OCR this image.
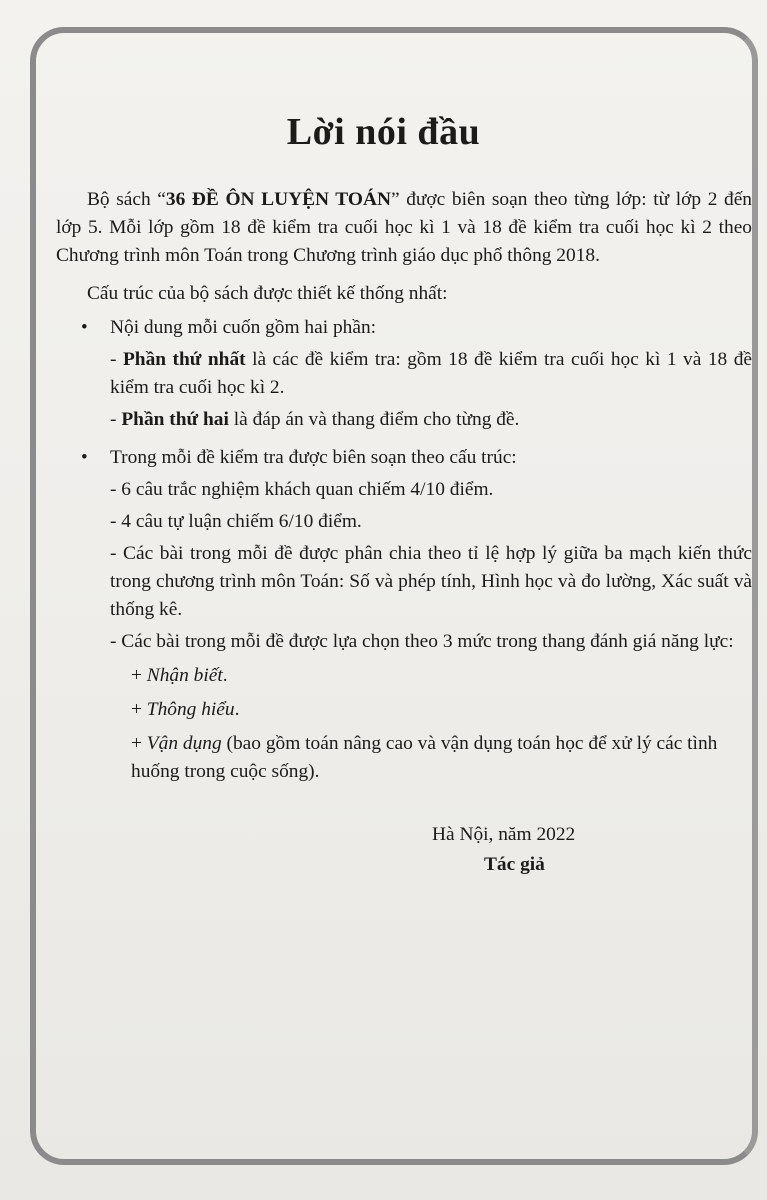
Lời nói đầu

Bộ sách “36 ĐỀ ÔN LUYỆN TOÁN” được biên soạn theo từng lớp: từ lớp 2 đến lớp 5. Mỗi lớp gồm 18 đề kiểm tra cuối học kì 1 và 18 đề kiểm tra cuối học kì 2 theo Chương trình môn Toán trong Chương trình giáo dục phổ thông 2018.

Cấu trúc của bộ sách được thiết kế thống nhất:

• Nội dung mỗi cuốn gồm hai phần:

- Phần thứ nhất là các đề kiểm tra: gồm 18 đề kiểm tra cuối học kì 1 và 18 đề kiểm tra cuối học kì 2.

- Phần thứ hai là đáp án và thang điểm cho từng đề.

• Trong mỗi đề kiểm tra được biên soạn theo cấu trúc:

- 6 câu trắc nghiệm khách quan chiếm 4/10 điểm.

- 4 câu tự luận chiếm 6/10 điểm.

- Các bài trong mỗi đề được phân chia theo tỉ lệ hợp lý giữa ba mạch kiến thức trong chương trình môn Toán: Số và phép tính, Hình học và đo lường, Xác suất và thống kê.

- Các bài trong mỗi đề được lựa chọn theo 3 mức trong thang đánh giá năng lực:

+ Nhận biết.

+ Thông hiểu.

+ Vận dụng (bao gồm toán nâng cao và vận dụng toán học để xử lý các tình huống trong cuộc sống).

Hà Nội, năm 2022
Tác giả
